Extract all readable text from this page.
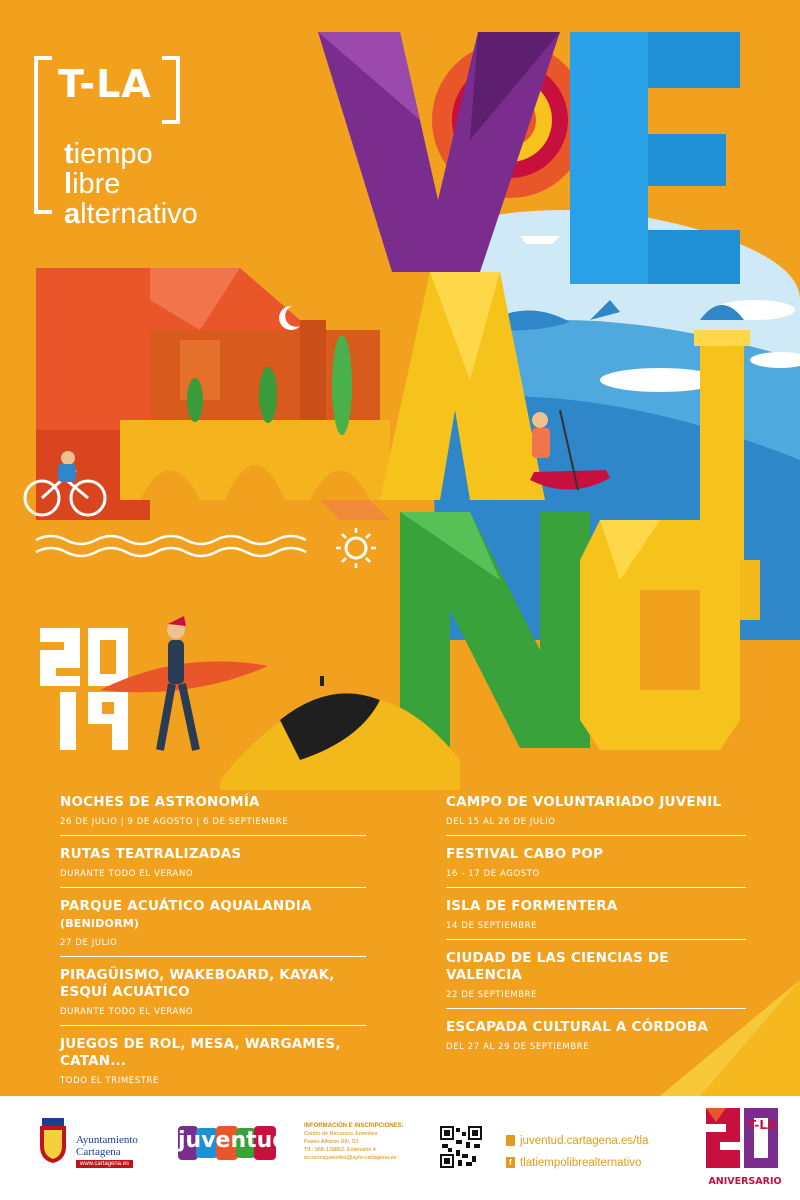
T-LA
tiempo
libre
alternativo
NOCHES DE ASTRONOMÍA
26 DE JULIO | 9 DE AGOSTO | 6 DE SEPTIEMBRE
RUTAS TEATRALIZADAS
DURANTE TODO EL VERANO
PARQUE ACUÁTICO AQUALANDIA (BENIDORM)
27 DE JULIO
PIRAGÜISMO, WAKEBOARD, KAYAK,
ESQUÍ ACUÁTICO
DURANTE TODO EL VERANO
JUEGOS DE ROL, MESA, WARGAMES, CATAN...
TODO EL TRIMESTRE
CAMPO DE VOLUNTARIADO JUVENIL
DEL 15 AL 26 DE JULIO
FESTIVAL CABO POP
16 - 17 DE AGOSTO
ISLA DE FORMENTERA
14 DE SEPTIEMBRE
CIUDAD DE LAS CIENCIAS DE VALENCIA
22 DE SEPTIEMBRE
ESCAPADA CULTURAL A CÓRDOBA
DEL 27 AL 29 DE SEPTIEMBRE
Ayuntamiento
Cartagena
www.cartagena.es
juventud
INFORMACIÓN E INSCRIPCIONES:
Centro de Recursos Juveniles
Paseo Alfonso XIII, 53
Tlf.: 968-128862. Extensión 4
w.cursosjuveniles@ayto-cartagena.es
juventud.cartagena.es/tla
f tlatiempolibrealternativo
T-LA
ANIVERSARIO
